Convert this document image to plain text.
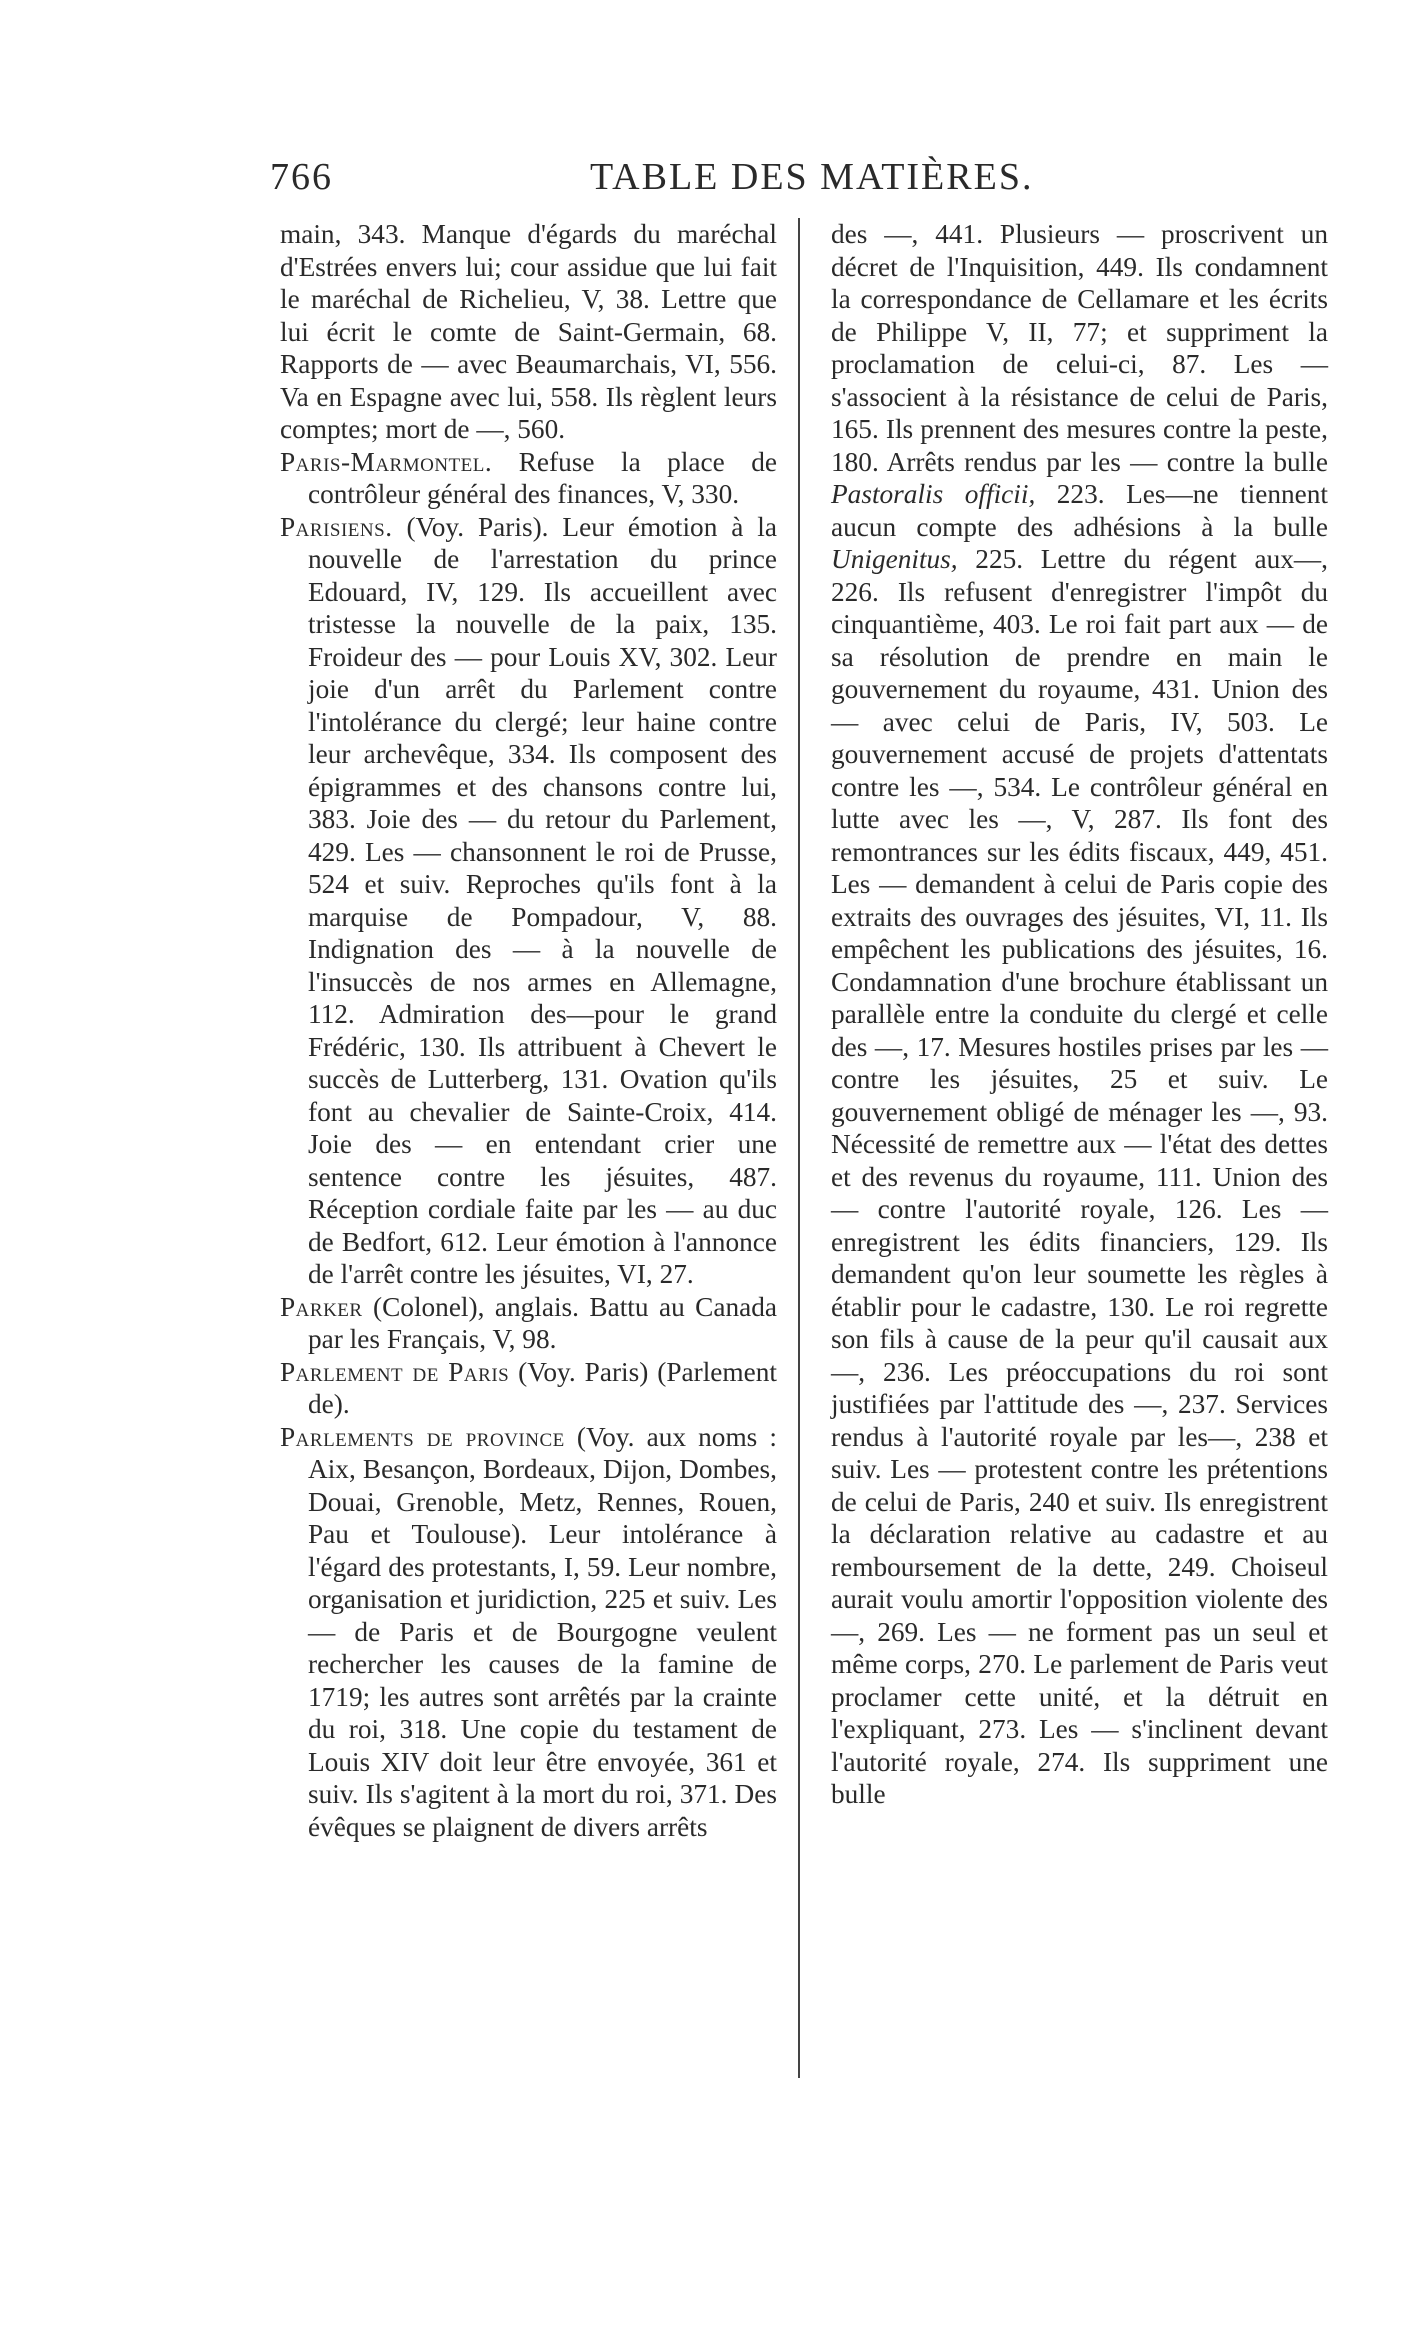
766	TABLE DES MATIÈRES.

main, 343. Manque d'égards du maréchal d'Estrées envers lui; cour assidue que lui fait le maréchal de Richelieu, V, 38. Lettre que lui écrit le comte de Saint-Germain, 68. Rapports de — avec Beaumarchais, VI, 556. Va en Espagne avec lui, 558. Ils règlent leurs comptes; mort de —, 560.

Paris-Marmontel. Refuse la place de contrôleur général des finances, V, 330.

Parisiens. (Voy. Paris). Leur émotion à la nouvelle de l'arrestation du prince Edouard, IV, 129. Ils accueillent avec tristesse la nouvelle de la paix, 135. Froideur des — pour Louis XV, 302. Leur joie d'un arrêt du Parlement contre l'intolérance du clergé; leur haine contre leur archevêque, 334. Ils composent des épigrammes et des chansons contre lui, 383. Joie des — du retour du Parlement, 429. Les — chansonnent le roi de Prusse, 524 et suiv. Reproches qu'ils font à la marquise de Pompadour, V, 88. Indignation des — à la nouvelle de l'insuccès de nos armes en Allemagne, 112. Admiration des—pour le grand Frédéric, 130. Ils attribuent à Chevert le succès de Lutterberg, 131. Ovation qu'ils font au chevalier de Sainte-Croix, 414. Joie des — en entendant crier une sentence contre les jésuites, 487. Réception cordiale faite par les — au duc de Bedfort, 612. Leur émotion à l'annonce de l'arrêt contre les jésuites, VI, 27.

Parker (Colonel), anglais. Battu au Canada par les Français, V, 98.

Parlement de Paris (Voy. Paris) (Parlement de).

Parlements de province (Voy. aux noms : Aix, Besançon, Bordeaux, Dijon, Dombes, Douai, Grenoble, Metz, Rennes, Rouen, Pau et Toulouse). Leur intolérance à l'égard des protestants, I, 59. Leur nombre, organisation et juridiction, 225 et suiv. Les — de Paris et de Bourgogne veulent rechercher les causes de la famine de 1719; les autres sont arrêtés par la crainte du roi, 318. Une copie du testament de Louis XIV doit leur être envoyée, 361 et suiv. Ils s'agitent à la mort du roi, 371. Des évêques se plaignent de divers arrêts

des —, 441. Plusieurs — proscrivent un décret de l'Inquisition, 449. Ils condamnent la correspondance de Cellamare et les écrits de Philippe V, II, 77; et suppriment la proclamation de celui-ci, 87. Les — s'associent à la résistance de celui de Paris, 165. Ils prennent des mesures contre la peste, 180. Arrêts rendus par les — contre la bulle Pastoralis officii, 223. Les—ne tiennent aucun compte des adhésions à la bulle Unigenitus, 225. Lettre du régent aux—, 226. Ils refusent d'enregistrer l'impôt du cinquantième, 403. Le roi fait part aux — de sa résolution de prendre en main le gouvernement du royaume, 431. Union des — avec celui de Paris, IV, 503. Le gouvernement accusé de projets d'attentats contre les —, 534. Le contrôleur général en lutte avec les —, V, 287. Ils font des remontrances sur les édits fiscaux, 449, 451. Les — demandent à celui de Paris copie des extraits des ouvrages des jésuites, VI, 11. Ils empêchent les publications des jésuites, 16. Condamnation d'une brochure établissant un parallèle entre la conduite du clergé et celle des —, 17. Mesures hostiles prises par les — contre les jésuites, 25 et suiv. Le gouvernement obligé de ménager les —, 93. Nécessité de remettre aux — l'état des dettes et des revenus du royaume, 111. Union des — contre l'autorité royale, 126. Les — enregistrent les édits financiers, 129. Ils demandent qu'on leur soumette les règles à établir pour le cadastre, 130. Le roi regrette son fils à cause de la peur qu'il causait aux—, 236. Les préoccupations du roi sont justifiées par l'attitude des —, 237. Services rendus à l'autorité royale par les—, 238 et suiv. Les — protestent contre les prétentions de celui de Paris, 240 et suiv. Ils enregistrent la déclaration relative au cadastre et au remboursement de la dette, 249. Choiseul aurait voulu amortir l'opposition violente des —, 269. Les — ne forment pas un seul et même corps, 270. Le parlement de Paris veut proclamer cette unité, et la détruit en l'expliquant, 273. Les — s'inclinent devant l'autorité royale, 274. Ils suppriment une bulle
